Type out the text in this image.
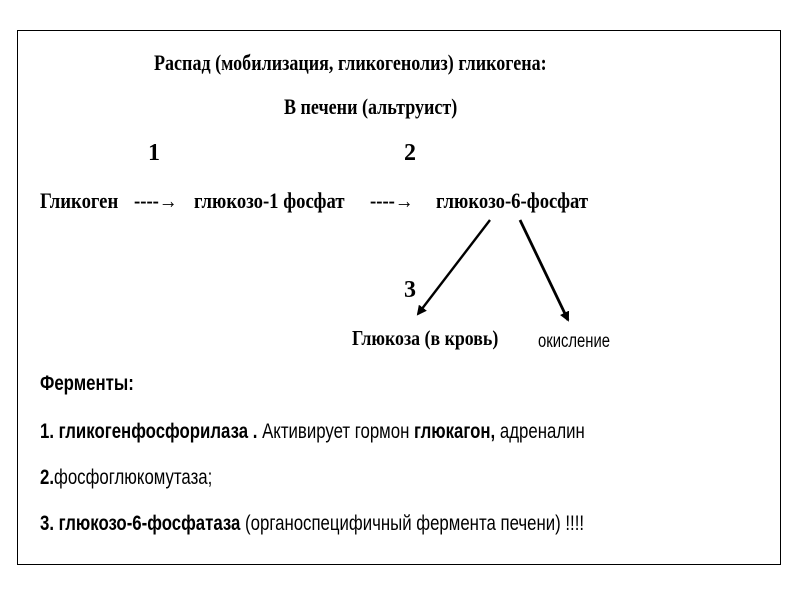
Распад (мобилизация, гликогенолиз) гликогена:
В печени (альтруист)
1	2
Гликоген ----→ глюкозо-1 фосфат ----→ глюкозо-6-фосфат
3
Глюкоза (в кровь) окисление
Ферменты:
1. гликогенфосфорилаза . Активирует гормон глюкагон, адреналин
2.фосфоглюкомутаза;
3. глюкозо-6-фосфатаза (органоспецифичный фермента печени) !!!!
